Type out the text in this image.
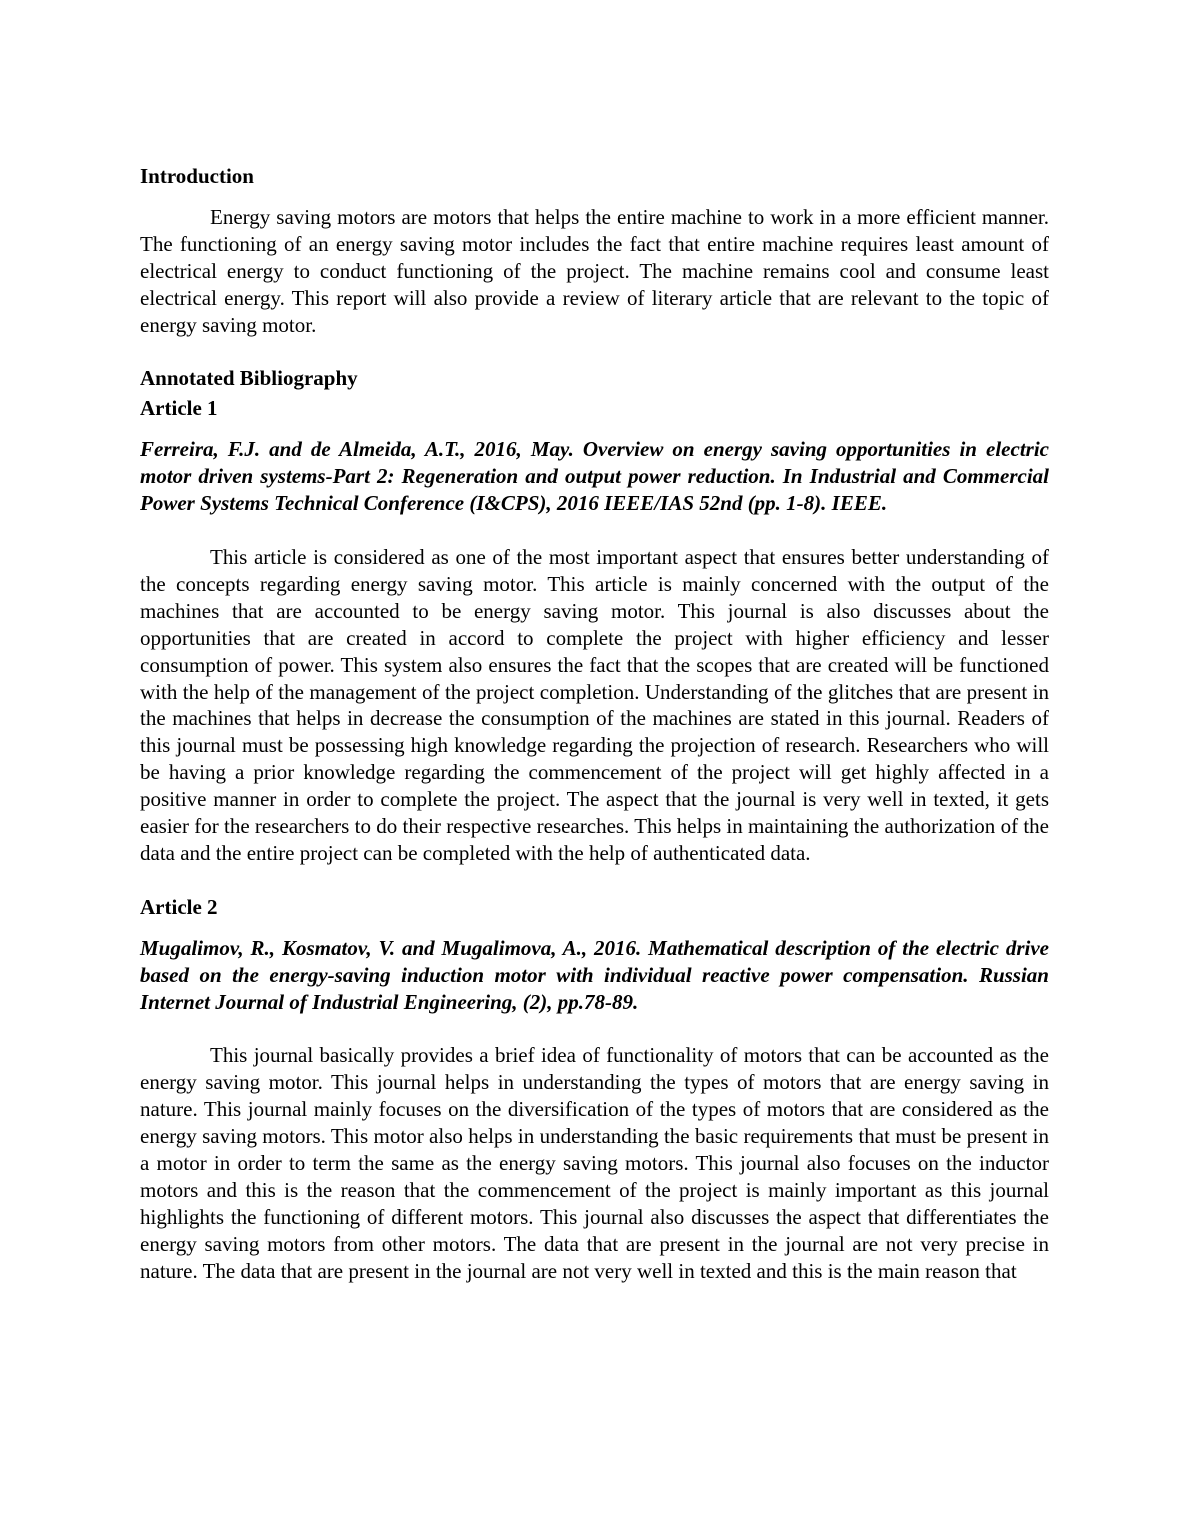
Introduction

Energy saving motors are motors that helps the entire machine to work in a more efficient manner. The functioning of an energy saving motor includes the fact that entire machine requires least amount of electrical energy to conduct functioning of the project. The machine remains cool and consume least electrical energy. This report will also provide a review of literary article that are relevant to the topic of energy saving motor.

Annotated Bibliography

Article 1

Ferreira, F.J. and de Almeida, A.T., 2016, May. Overview on energy saving opportunities in electric motor driven systems-Part 2: Regeneration and output power reduction. In Industrial and Commercial Power Systems Technical Conference (I&CPS), 2016 IEEE/IAS 52nd (pp. 1-8). IEEE.

This article is considered as one of the most important aspect that ensures better understanding of the concepts regarding energy saving motor. This article is mainly concerned with the output of the machines that are accounted to be energy saving motor. This journal is also discusses about the opportunities that are created in accord to complete the project with higher efficiency and lesser consumption of power. This system also ensures the fact that the scopes that are created will be functioned with the help of the management of the project completion. Understanding of the glitches that are present in the machines that helps in decrease the consumption of the machines are stated in this journal. Readers of this journal must be possessing high knowledge regarding the projection of research. Researchers who will be having a prior knowledge regarding the commencement of the project will get highly affected in a positive manner in order to complete the project. The aspect that the journal is very well in texted, it gets easier for the researchers to do their respective researches. This helps in maintaining the authorization of the data and the entire project can be completed with the help of authenticated data.

Article 2

Mugalimov, R., Kosmatov, V. and Mugalimova, A., 2016. Mathematical description of the electric drive based on the energy-saving induction motor with individual reactive power compensation. Russian Internet Journal of Industrial Engineering, (2), pp.78-89.

This journal basically provides a brief idea of functionality of motors that can be accounted as the energy saving motor. This journal helps in understanding the types of motors that are energy saving in nature. This journal mainly focuses on the diversification of the types of motors that are considered as the energy saving motors. This motor also helps in understanding the basic requirements that must be present in a motor in order to term the same as the energy saving motors. This journal also focuses on the inductor motors and this is the reason that the commencement of the project is mainly important as this journal highlights the functioning of different motors. This journal also discusses the aspect that differentiates the energy saving motors from other motors. The data that are present in the journal are not very precise in nature. The data that are present in the journal are not very well in texted and this is the main reason that
